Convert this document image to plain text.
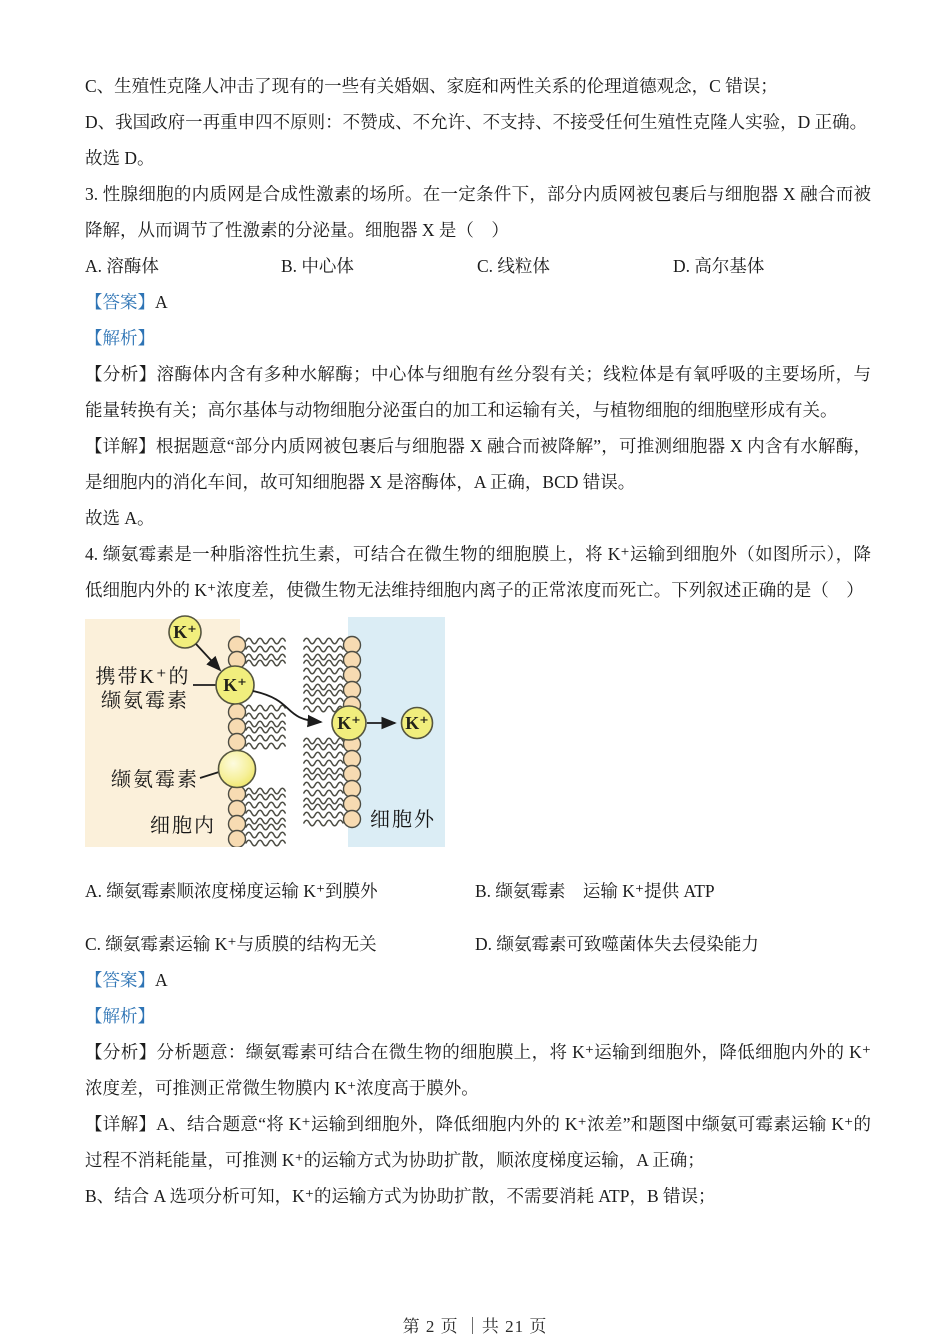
C、生殖性克隆人冲击了现有的一些有关婚姻、家庭和两性关系的伦理道德观念，C 错误；

D、我国政府一再重申四不原则：不赞成、不允许、不支持、不接受任何生殖性克隆人实验，D 正确。

故选 D。

3. 性腺细胞的内质网是合成性激素的场所。在一定条件下，部分内质网被包裹后与细胞器 X 融合而被降解，从而调节了性激素的分泌量。细胞器 X 是（　）

A. 溶酶体	B. 中心体	C. 线粒体	D. 高尔基体

【答案】A

【解析】

【分析】溶酶体内含有多种水解酶；中心体与细胞有丝分裂有关；线粒体是有氧呼吸的主要场所，与能量转换有关；高尔基体与动物细胞分泌蛋白的加工和运输有关，与植物细胞的细胞壁形成有关。

【详解】根据题意“部分内质网被包裹后与细胞器 X 融合而被降解”，可推测细胞器 X 内含有水解酶，是细胞内的消化车间，故可知细胞器 X 是溶酶体，A 正确，BCD 错误。

故选 A。

4. 缬氨霉素是一种脂溶性抗生素，可结合在微生物的细胞膜上，将 K⁺运输到细胞外（如图所示），降低细胞内外的 K⁺浓度差，使微生物无法维持细胞内离子的正常浓度而死亡。下列叙述正确的是（　）

K⁺
K⁺
K⁺ K⁺
携带K⁺的
缬氨霉素
缬氨霉素
细胞内	细胞外
A. 缬氨霉素顺浓度梯度运输 K⁺到膜外	B. 缬氨霉素　运输 K⁺提供 ATP
C. 缬氨霉素运输 K⁺与质膜的结构无关	D. 缬氨霉素可致噬菌体失去侵染能力

【答案】A

【解析】

【分析】分析题意：缬氨霉素可结合在微生物的细胞膜上，将 K⁺运输到细胞外，降低细胞内外的 K⁺浓度差，可推测正常微生物膜内 K⁺浓度高于膜外。

【详解】A、结合题意“将 K⁺运输到细胞外，降低细胞内外的 K⁺浓差”和题图中缬氨可霉素运输 K⁺的过程不消耗能量，可推测 K⁺的运输方式为协助扩散，顺浓度梯度运输，A 正确；

B、结合 A 选项分析可知，K⁺的运输方式为协助扩散，不需要消耗 ATP，B 错误；

第 2 页 ｜共 21 页
